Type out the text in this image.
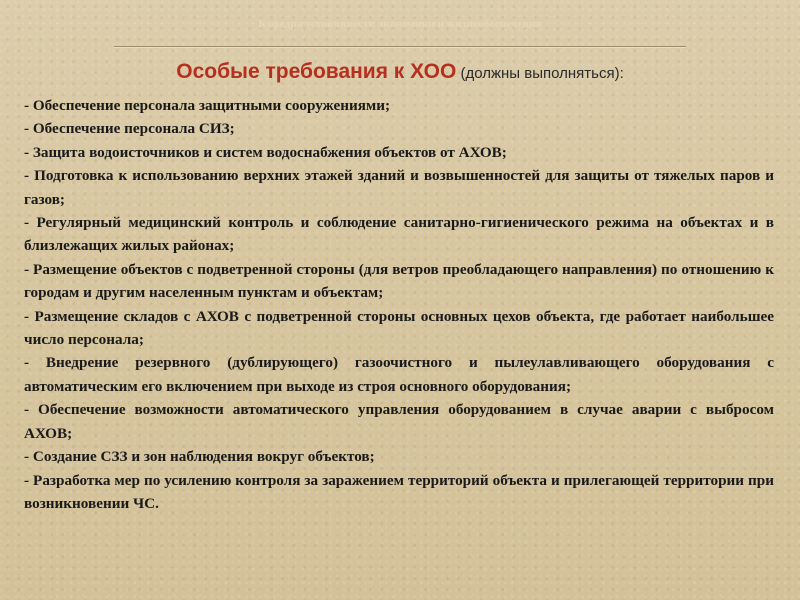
Кафедра устойчивости экономики и жизнеобеспечения
Особые требования к ХОО (должны выполняться):

- Обеспечение персонала защитными сооружениями;

- Обеспечение персонала СИЗ;

- Защита водоисточников и систем водоснабжения объектов от АХОВ;

- Подготовка к использованию верхних этажей зданий и возвышенностей для защиты от тяжелых паров и газов;

- Регулярный медицинский контроль и соблюдение санитарно-гигиенического режима на объектах и в близлежащих жилых районах;

- Размещение объектов с подветренной стороны (для ветров преобладающего направления) по отношению к городам и другим населенным пунктам и объектам;

- Размещение складов с АХОВ с подветренной стороны основных цехов объекта, где работает наибольшее число персонала;

- Внедрение резервного (дублирующего) газоочистного и пылеулавливающего оборудования с автоматическим его включением при выходе из строя основного оборудования;

- Обеспечение возможности автоматического управления оборудованием в случае аварии с выбросом АХОВ;

- Создание СЗЗ и зон наблюдения вокруг объектов;

- Разработка мер по усилению контроля за заражением территорий объекта и прилегающей территории при возникновении ЧС.
